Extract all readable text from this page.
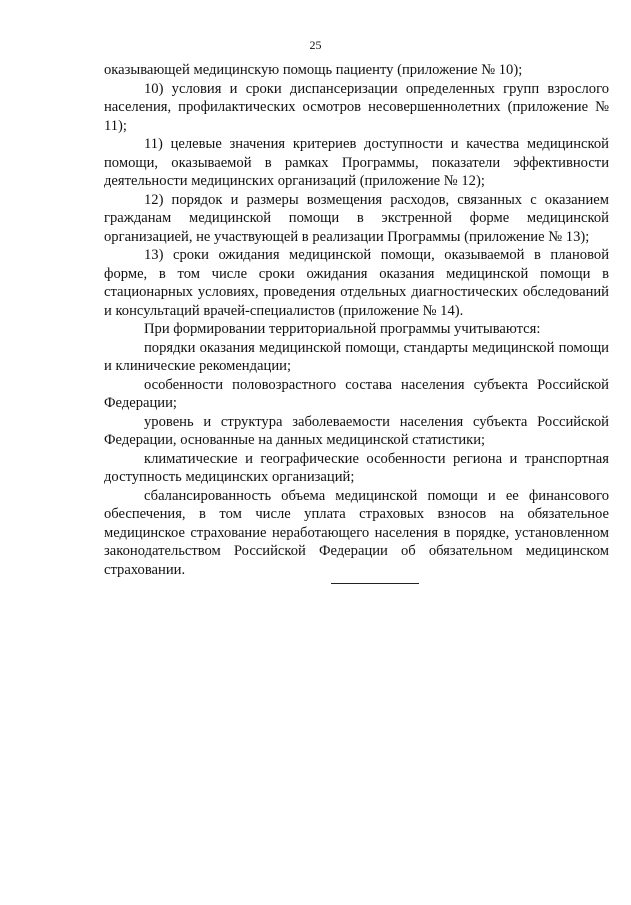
25

оказывающей медицинскую помощь пациенту (приложение № 10);

10) условия и сроки диспансеризации определенных групп взрослого населения, профилактических осмотров несовершеннолетних (приложение № 11);

11) целевые значения критериев доступности и качества медицинской помощи, оказываемой в рамках Программы, показатели эффективности деятельности медицинских организаций (приложение № 12);

12) порядок и размеры возмещения расходов, связанных с оказанием гражданам медицинской помощи в экстренной форме медицинской организацией, не участвующей в реализации Программы (приложение № 13);

13) сроки ожидания медицинской помощи, оказываемой в плановой форме, в том числе сроки ожидания оказания медицинской помощи в стационарных условиях, проведения отдельных диагностических обследований и консультаций врачей-специалистов (приложение № 14).

При формировании территориальной программы учитываются:

порядки оказания медицинской помощи, стандарты медицинской помощи и клинические рекомендации;

особенности половозрастного состава населения субъекта Российской Федерации;

уровень и структура заболеваемости населения субъекта Российской Федерации, основанные на данных медицинской статистики;

климатические и географические особенности региона и транспортная доступность медицинских организаций;

сбалансированность объема медицинской помощи и ее финансового обеспечения, в том числе уплата страховых взносов на обязательное медицинское страхование неработающего населения в порядке, установленном законодательством Российской Федерации об обязательном медицинском страховании.
